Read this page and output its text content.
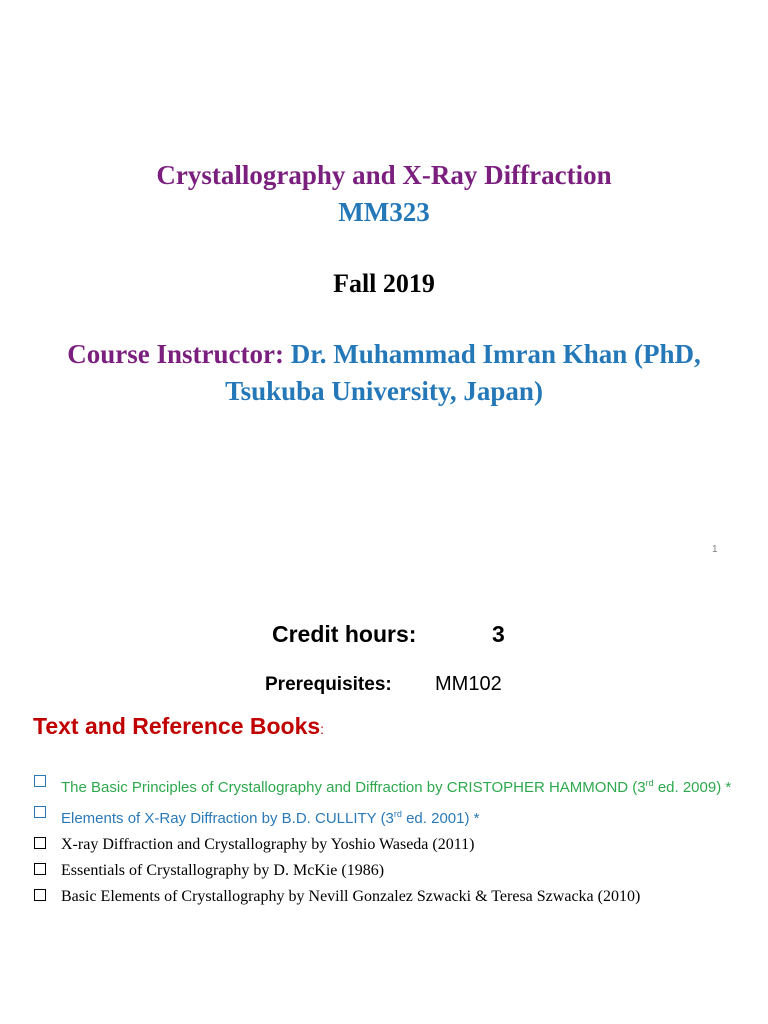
Crystallography and X-Ray Diffraction
MM323
Fall 2019
Course Instructor: Dr. Muhammad Imran Khan (PhD,
Tsukuba University, Japan)
1
Credit hours:	3
Prerequisites: MM102
Text and Reference Books:
The Basic Principles of Crystallography and Diffraction by CRISTOPHER HAMMOND (3rd ed. 2009) *
Elements of X-Ray Diffraction by B.D. CULLITY (3rd ed. 2001) *
X-ray Diffraction and Crystallography by Yoshio Waseda (2011)
Essentials of Crystallography by D. McKie (1986)
Basic Elements of Crystallography by Nevill Gonzalez Szwacki & Teresa Szwacka (2010)
